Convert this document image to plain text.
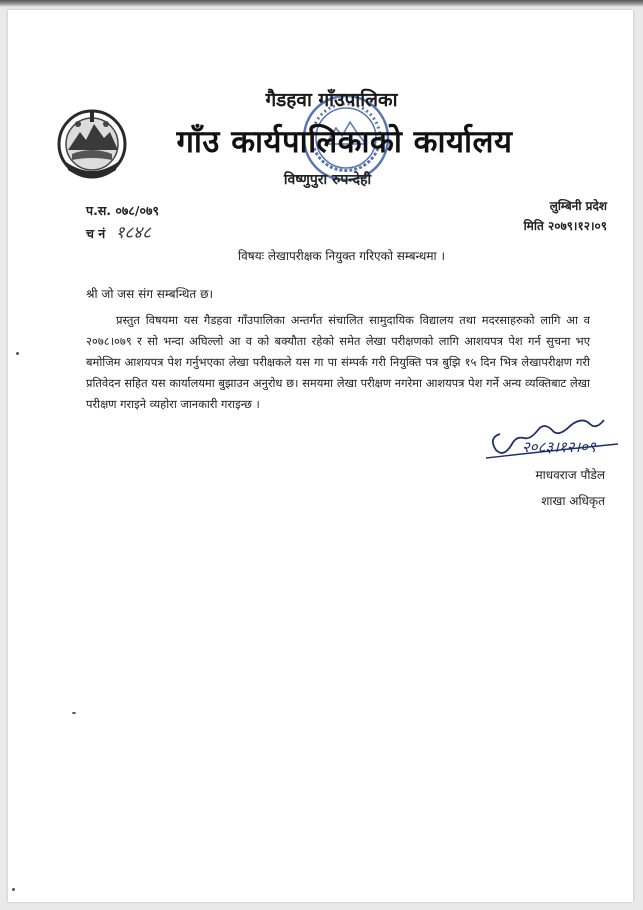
गैडहवा गाँउपालिका
गाँउ कार्यपालिकाको कार्यालय
विष्णुपुरा रुपन्देही
प.स. ०७८/०७९
च नं १८४८
लुम्बिनी प्रदेश
मिति २०७९।१२।०९
विषयः लेखापरीक्षक नियुक्त गरिएको सम्बन्धमा ।
श्री जो जस संग सम्बन्धित छ।
प्रस्तुत विषयमा यस गैडहवा गाँउपालिका अन्तर्गत संचालित सामुदायिक विद्यालय तथा मदरसाहरुको लागि आ व २०७८।०७९ र सो भन्दा अघिल्लो आ व को बक्यौता रहेको समेत लेखा परीक्षणको लागि आशयपत्र पेश गर्न सुचना भए बमोजिम आशयपत्र पेश गर्नुभएका लेखा परीक्षकले यस गा पा संम्पर्क गरी नियुक्ति पत्र बुझि १५ दिन भित्र लेखापरीक्षण गरी प्रतिवेदन सहित यस कार्यालयमा बुझाउन अनुरोध छ। समयमा लेखा परीक्षण नगरेमा आशयपत्र पेश गर्ने अन्य व्यक्तिबाट लेखा परीक्षण गराइने व्यहोरा जानकारी गराइन्छ ।
२०८३।१२।०९
माधवराज पौडेल
शाखा अधिकृत
